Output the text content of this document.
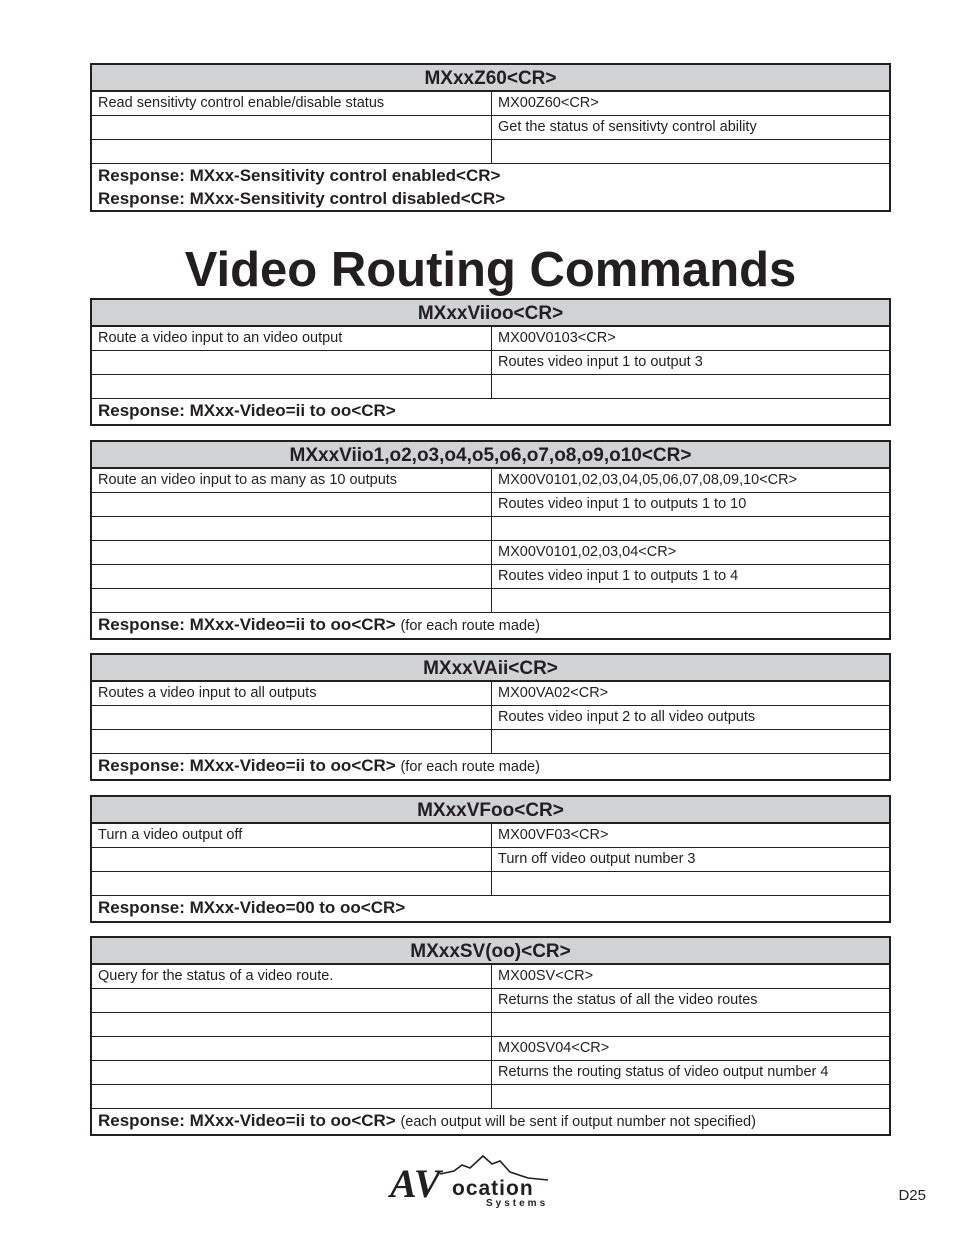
MXxxZ60<CR>
Read sensitivty control enable/disable status	MX00Z60<CR>
Get the status of sensitivty control ability
Response: MXxx-Sensitivity control enabled<CR>
Response: MXxx-Sensitivity control disabled<CR>
Video Routing Commands
MXxxViioo<CR>
Route a video input to an video output	MX00V0103<CR>
Routes video input 1 to output 3
Response: MXxx-Video=ii to oo<CR>
MXxxViio1,o2,o3,o4,o5,o6,o7,o8,o9,o10<CR>
Route an video input to as many as 10 outputs	MX00V0101,02,03,04,05,06,07,08,09,10<CR>
Routes video input 1 to outputs 1 to 10
MX00V0101,02,03,04<CR>
Routes video input 1 to outputs 1 to 4
Response: MXxx-Video=ii to oo<CR> (for each route made)
MXxxVAii<CR>
Routes a video input to all outputs	MX00VA02<CR>
Routes video input 2 to all video outputs
Response: MXxx-Video=ii to oo<CR> (for each route made)
MXxxVFoo<CR>
Turn a video output off	MX00VF03<CR>
Turn off video output number 3
Response: MXxx-Video=00 to oo<CR>
MXxxSV(oo)<CR>
Query for the status of a video route.	MX00SV<CR>
Returns the status of all the video routes
MX00SV04<CR>
Returns the routing status of video output number 4
Response: MXxx-Video=ii to oo<CR> (each output will be sent if output number not specified)
AV ocation
Systems	D25
